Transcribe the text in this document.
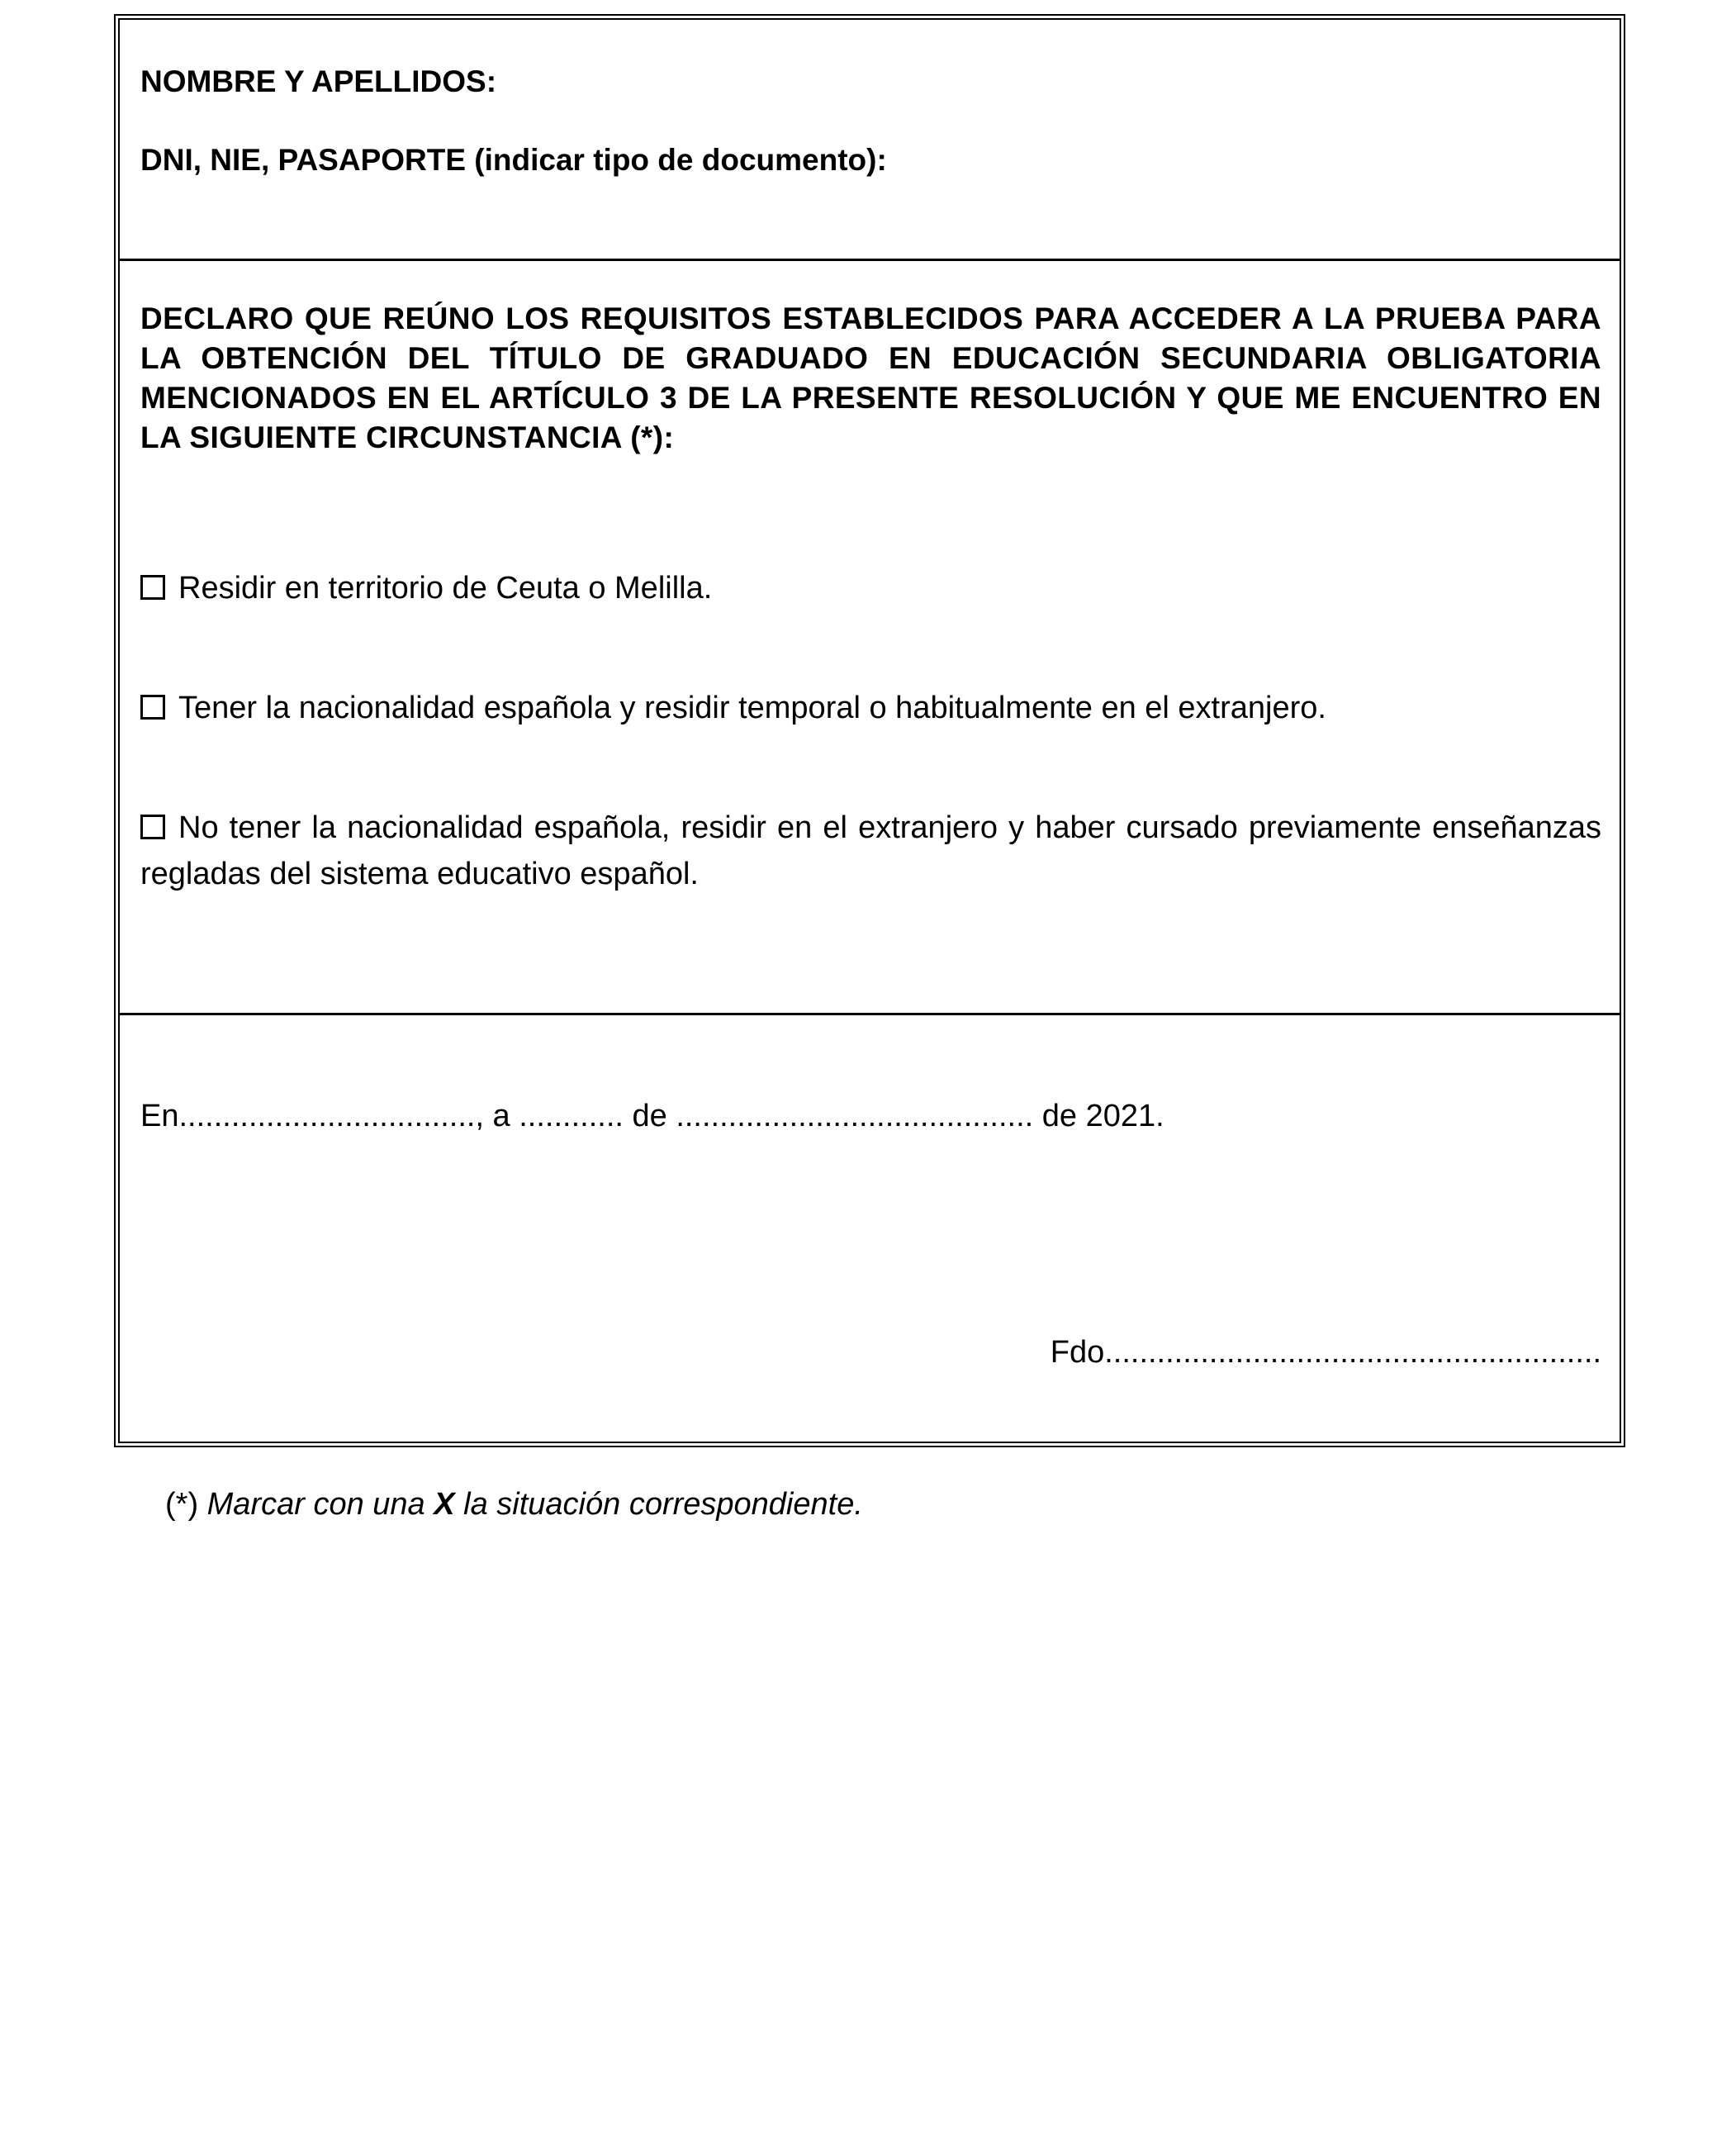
NOMBRE Y APELLIDOS:
DNI, NIE, PASAPORTE (indicar tipo de documento):
DECLARO QUE REÚNO LOS REQUISITOS ESTABLECIDOS PARA ACCEDER A LA PRUEBA PARA LA OBTENCIÓN DEL TÍTULO DE GRADUADO EN EDUCACIÓN SECUNDARIA OBLIGATORIA MENCIONADOS EN EL ARTÍCULO 3 DE LA PRESENTE RESOLUCIÓN Y QUE ME ENCUENTRO EN LA SIGUIENTE CIRCUNSTANCIA (*):
Residir en territorio de Ceuta o Melilla.
Tener la nacionalidad española y residir temporal o habitualmente en el extranjero.
No tener la nacionalidad española, residir en el extranjero y haber cursado previamente enseñanzas regladas del sistema educativo español.
En.................................., a ............ de ......................................... de 2021.
Fdo.........................................................
(*) Marcar con una X la situación correspondiente.
